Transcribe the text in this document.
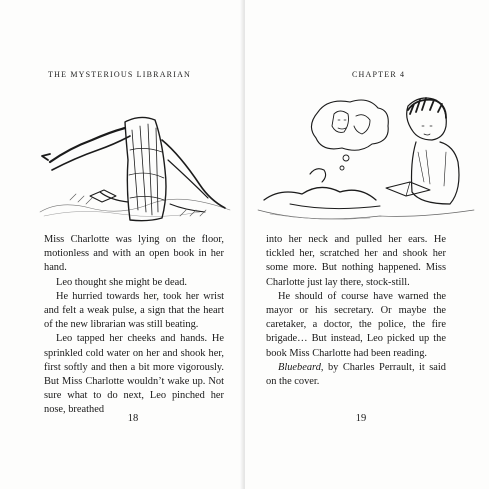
THE MYSTERIOUS LIBRARIAN

Miss Charlotte was lying on the floor, motionless and with an open book in her hand.

Leo thought she might be dead.

He hurried towards her, took her wrist and felt a weak pulse, a sign that the heart of the new librarian was still beating.

Leo tapped her cheeks and hands. He sprinkled cold water on her and shook her, first softly and then a bit more vigorously. But Miss Charlotte wouldn’t wake up. Not sure what to do next, Leo pinched her nose, breathed

18
CHAPTER 4

into her neck and pulled her ears. He tickled her, scratched her and shook her some more. But nothing happened. Miss Charlotte just lay there, stock-still.

He should of course have warned the mayor or his secretary. Or maybe the caretaker, a doctor, the police, the fire brigade… But instead, Leo picked up the book Miss Charlotte had been reading.

Bluebeard, by Charles Perrault, it said on the cover.

19
